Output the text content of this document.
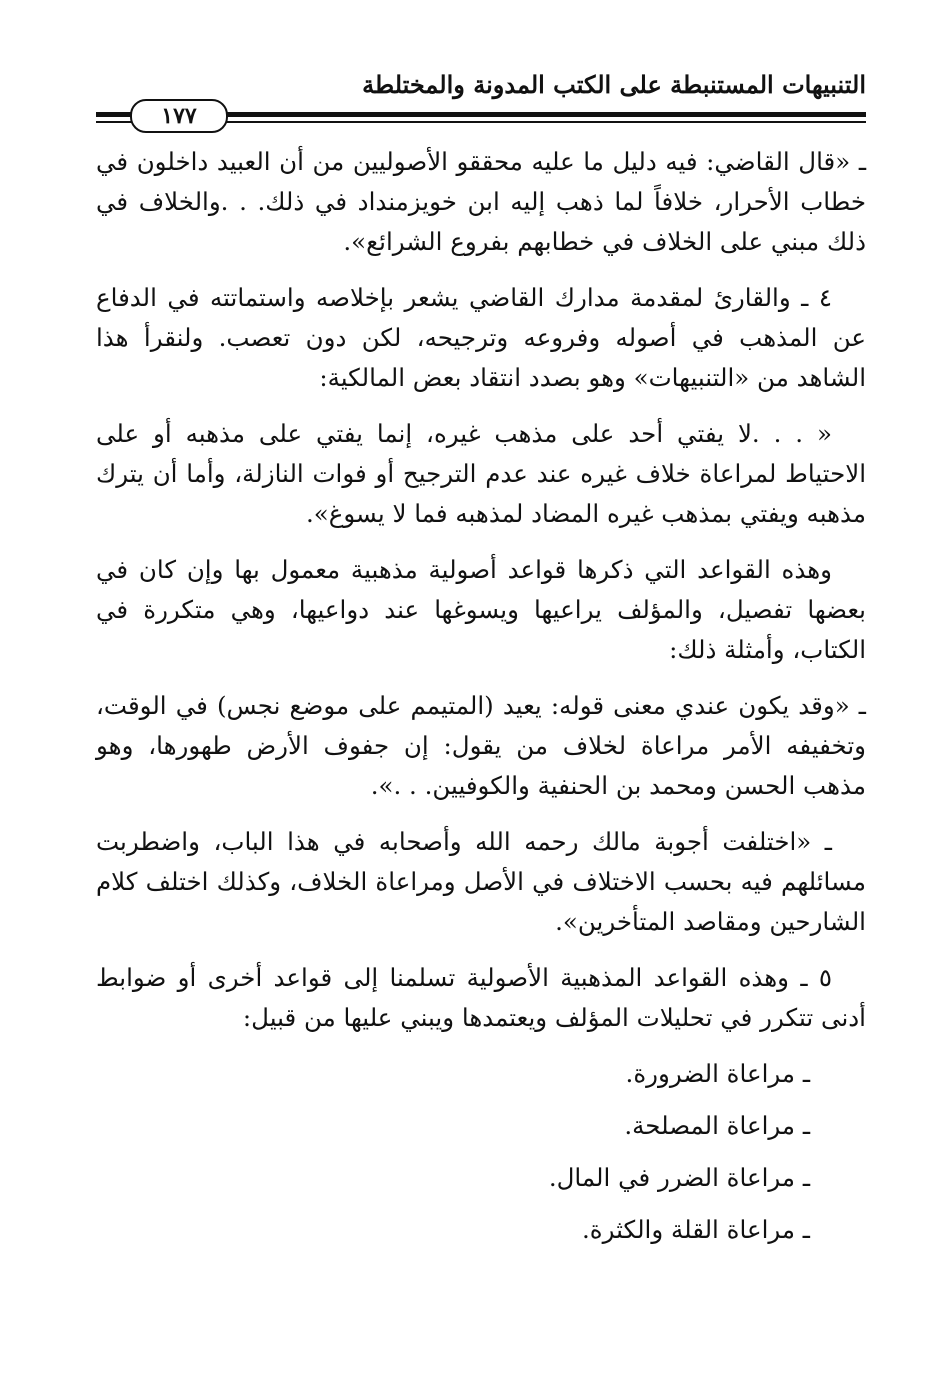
التنبيهات المستنبطة على الكتب المدونة والمختلطة
١٧٧

ـ «قال القاضي: فيه دليل ما عليه محققو الأصوليين من أن العبيد داخلون في خطاب الأحرار، خلافاً لما ذهب إليه ابن خويزمنداد في ذلك. . .والخلاف في ذلك مبني على الخلاف في خطابهم بفروع الشرائع».

٤ ـ والقارئ لمقدمة مدارك القاضي يشعر بإخلاصه واستماتته في الدفاع عن المذهب في أصوله وفروعه وترجيحه، لكن دون تعصب. ولنقرأ هذا الشاهد من «التنبيهات» وهو بصدد انتقاد بعض المالكية:

« . . .لا يفتي أحد على مذهب غيره، إنما يفتي على مذهبه أو على الاحتياط لمراعاة خلاف غيره عند عدم الترجيح أو فوات النازلة، وأما أن يترك مذهبه ويفتي بمذهب غيره المضاد لمذهبه فما لا يسوغ».

وهذه القواعد التي ذكرها قواعد أصولية مذهبية معمول بها وإن كان في بعضها تفصيل، والمؤلف يراعيها ويسوغها عند دواعيها، وهي متكررة في الكتاب، وأمثلة ذلك:

ـ «وقد يكون عندي معنى قوله: يعيد (المتيمم على موضع نجس) في الوقت، وتخفيفه الأمر مراعاة لخلاف من يقول: إن جفوف الأرض طهورها، وهو مذهب الحسن ومحمد بن الحنفية والكوفيين. . .».

ـ «اختلفت أجوبة مالك رحمه الله وأصحابه في هذا الباب، واضطربت مسائلهم فيه بحسب الاختلاف في الأصل ومراعاة الخلاف، وكذلك اختلف كلام الشارحين ومقاصد المتأخرين».

٥ ـ وهذه القواعد المذهبية الأصولية تسلمنا إلى قواعد أخرى أو ضوابط أدنى تتكرر في تحليلات المؤلف ويعتمدها ويبني عليها من قبيل:

ـ مراعاة الضرورة.
ـ مراعاة المصلحة.
ـ مراعاة الضرر في المال.
ـ مراعاة القلة والكثرة.
